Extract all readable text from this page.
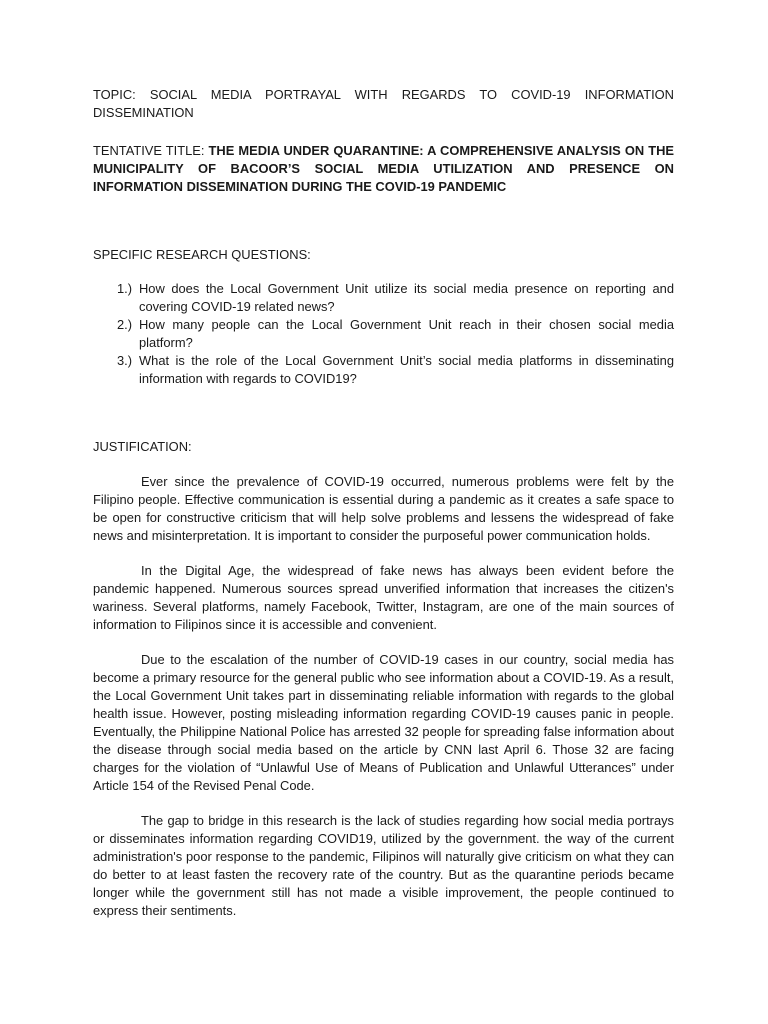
TOPIC: SOCIAL MEDIA PORTRAYAL WITH REGARDS TO COVID-19 INFORMATION DISSEMINATION

TENTATIVE TITLE: THE MEDIA UNDER QUARANTINE: A COMPREHENSIVE ANALYSIS ON THE MUNICIPALITY OF BACOOR’S SOCIAL MEDIA UTILIZATION AND PRESENCE ON INFORMATION DISSEMINATION DURING THE COVID-19 PANDEMIC

SPECIFIC RESEARCH QUESTIONS:

1.) How does the Local Government Unit utilize its social media presence on reporting and covering COVID-19 related news?
2.) How many people can the Local Government Unit reach in their chosen social media platform?
3.) What is the role of the Local Government Unit’s social media platforms in disseminating information with regards to COVID19?

JUSTIFICATION:

Ever since the prevalence of COVID-19 occurred, numerous problems were felt by the Filipino people. Effective communication is essential during a pandemic as it creates a safe space to be open for constructive criticism that will help solve problems and lessens the widespread of fake news and misinterpretation. It is important to consider the purposeful power communication holds.

In the Digital Age, the widespread of fake news has always been evident before the pandemic happened. Numerous sources spread unverified information that increases the citizen's wariness. Several platforms, namely Facebook, Twitter, Instagram, are one of the main sources of information to Filipinos since it is accessible and convenient.

Due to the escalation of the number of COVID-19 cases in our country, social media has become a primary resource for the general public who see information about a COVID-19. As a result, the Local Government Unit takes part in disseminating reliable information with regards to the global health issue. However, posting misleading information regarding COVID-19 causes panic in people. Eventually, the Philippine National Police has arrested 32 people for spreading false information about the disease through social media based on the article by CNN last April 6. Those 32 are facing charges for the violation of “Unlawful Use of Means of Publication and Unlawful Utterances” under Article 154 of the Revised Penal Code.

The gap to bridge in this research is the lack of studies regarding how social media portrays or disseminates information regarding COVID19, utilized by the government. the way of the current administration's poor response to the pandemic, Filipinos will naturally give criticism on what they can do better to at least fasten the recovery rate of the country. But as the quarantine periods became longer while the government still has not made a visible improvement, the people continued to express their sentiments.
